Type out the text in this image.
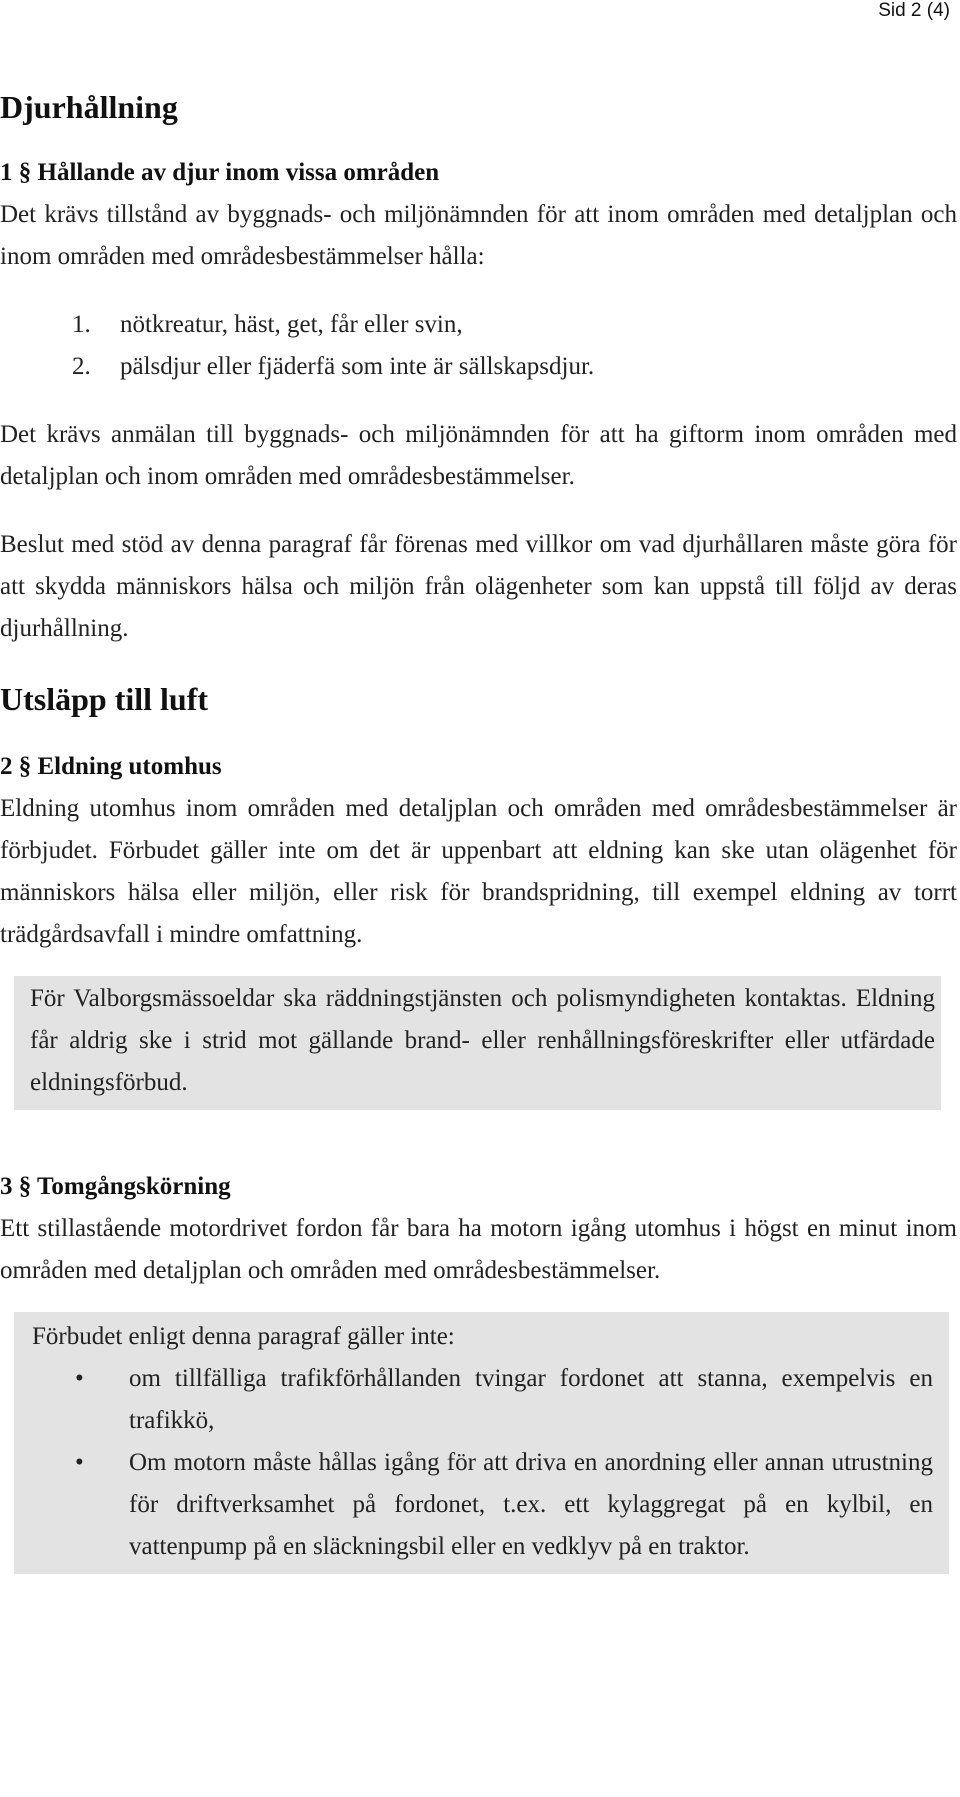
Sid 2 (4)
Djurhållning
1 § Hållande av djur inom vissa områden

Det krävs tillstånd av byggnads- och miljönämnden för att inom områden med detaljplan och inom områden med områdesbestämmelser hålla:

1.	nötkreatur, häst, get, får eller svin,
2.	pälsdjur eller fjäderfä som inte är sällskapsdjur.

Det krävs anmälan till byggnads- och miljönämnden för att ha giftorm inom områden med detaljplan och inom områden med områdesbestämmelser.

Beslut med stöd av denna paragraf får förenas med villkor om vad djurhållaren måste göra för att skydda människors hälsa och miljön från olägenheter som kan uppstå till följd av deras djurhållning.

Utsläpp till luft
2 § Eldning utomhus

Eldning utomhus inom områden med detaljplan och områden med områdesbestämmelser är förbjudet. Förbudet gäller inte om det är uppenbart att eldning kan ske utan olägenhet för människors hälsa eller miljön, eller risk för brandspridning, till exempel eldning av torrt trädgårdsavfall i mindre omfattning.

För Valborgsmässoeldar ska räddningstjänsten och polismyndigheten kontaktas. Eldning får aldrig ske i strid mot gällande brand- eller renhållningsföreskrifter eller utfärdade eldningsförbud.

3 § Tomgångskörning

Ett stillastående motordrivet fordon får bara ha motorn igång utomhus i högst en minut inom områden med detaljplan och områden med områdesbestämmelser.

Förbudet enligt denna paragraf gäller inte:

•	om tillfälliga trafikförhållanden tvingar fordonet att stanna, exempelvis en trafikkö,
•	Om motorn måste hållas igång för att driva en anordning eller annan utrustning för driftverksamhet på fordonet, t.ex. ett kylaggregat på en kylbil, en vattenpump på en släckningsbil eller en vedklyv på en traktor.
